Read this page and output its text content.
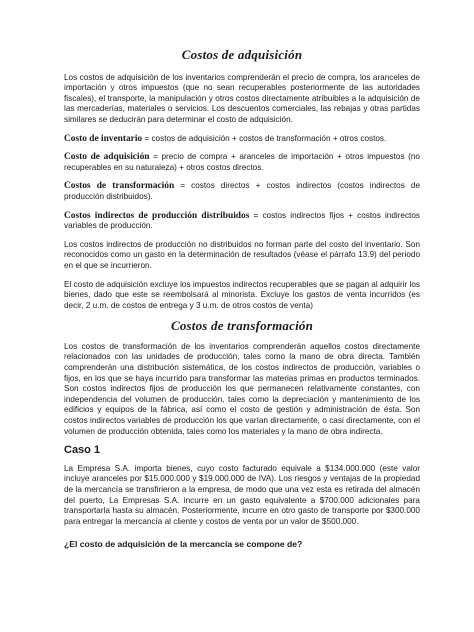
Costos de adquisición

Los costos de adquisición de los inventarios comprenderán el precio de compra, los aranceles de importación y otros impuestos (que no sean recuperables posteriormente de las autoridades fiscales), el transporte, la manipulación y otros costos directamente atribuibles a la adquisición de las mercaderías, materiales o servicios. Los descuentos comerciales, las rebajas y otras partidas similares se deducirán para determinar el costo de adquisición.

Costo de inventario = costos de adquisición + costos de transformación + otros costos.

Costo de adquisición = precio de compra + aranceles de importación + otros impuestos (no recuperables en su naturaleza) + otros costos directos.

Costos de transformación = costos directos + costos indirectos (costos indirectos de producción distribuidos).

Costos indirectos de producción distribuidos = costos indirectos fijos + costos indirectos variables de producción.

Los costos indirectos de producción no distribuidos no forman parte del costo del inventario. Son reconocidos como un gasto en la determinación de resultados (véase el párrafo 13.9) del periodo en el que se incurrieron.

El costo de adquisición excluye los impuestos indirectos recuperables que se pagan al adquirir los bienes, dado que este se reembolsará al minorista. Excluye los gastos de venta incurridos (es decir, 2 u.m. de costos de entrega y 3 u.m. de otros costos de venta)

Costos de transformación

Los costos de transformación de los inventarios comprenderán aquellos costos directamente relacionados con las unidades de producción, tales como la mano de obra directa. También comprenderán una distribución sistemática, de los costos indirectos de producción, variables o fijos, en los que se haya incurrido para transformar las materias primas en productos terminados. Son costos indirectos fijos de producción los que permanecen relativamente constantes, con independencia del volumen de producción, tales como la depreciación y mantenimiento de los edificios y equipos de la fábrica, así como el costo de gestión y administración de ésta. Son costos indirectos variables de producción los que varían directamente, o casi directamente, con el volumen de producción obtenida, tales como los materiales y la mano de obra indirecta.

Caso 1

La Empresa S.A. importa bienes, cuyo costo facturado equivale a $134.000.000 (este valor incluye aranceles por $15.000.000 y $19.000.000 de IVA). Los riesgos y ventajas de la propiedad de la mercancía se transfirieron a la empresa, de modo que una vez esta es retirada del almacén del puerto, La Empresas S.A. incurre en un gasto equivalente a $700.000 adicionales para transportarla hasta su almacén. Posteriormente, incurre en otro gasto de transporte por $300.000 para entregar la mercancía al cliente y costos de venta por un valor de $500.000.

¿El costo de adquisición de la mercancía se compone de?
